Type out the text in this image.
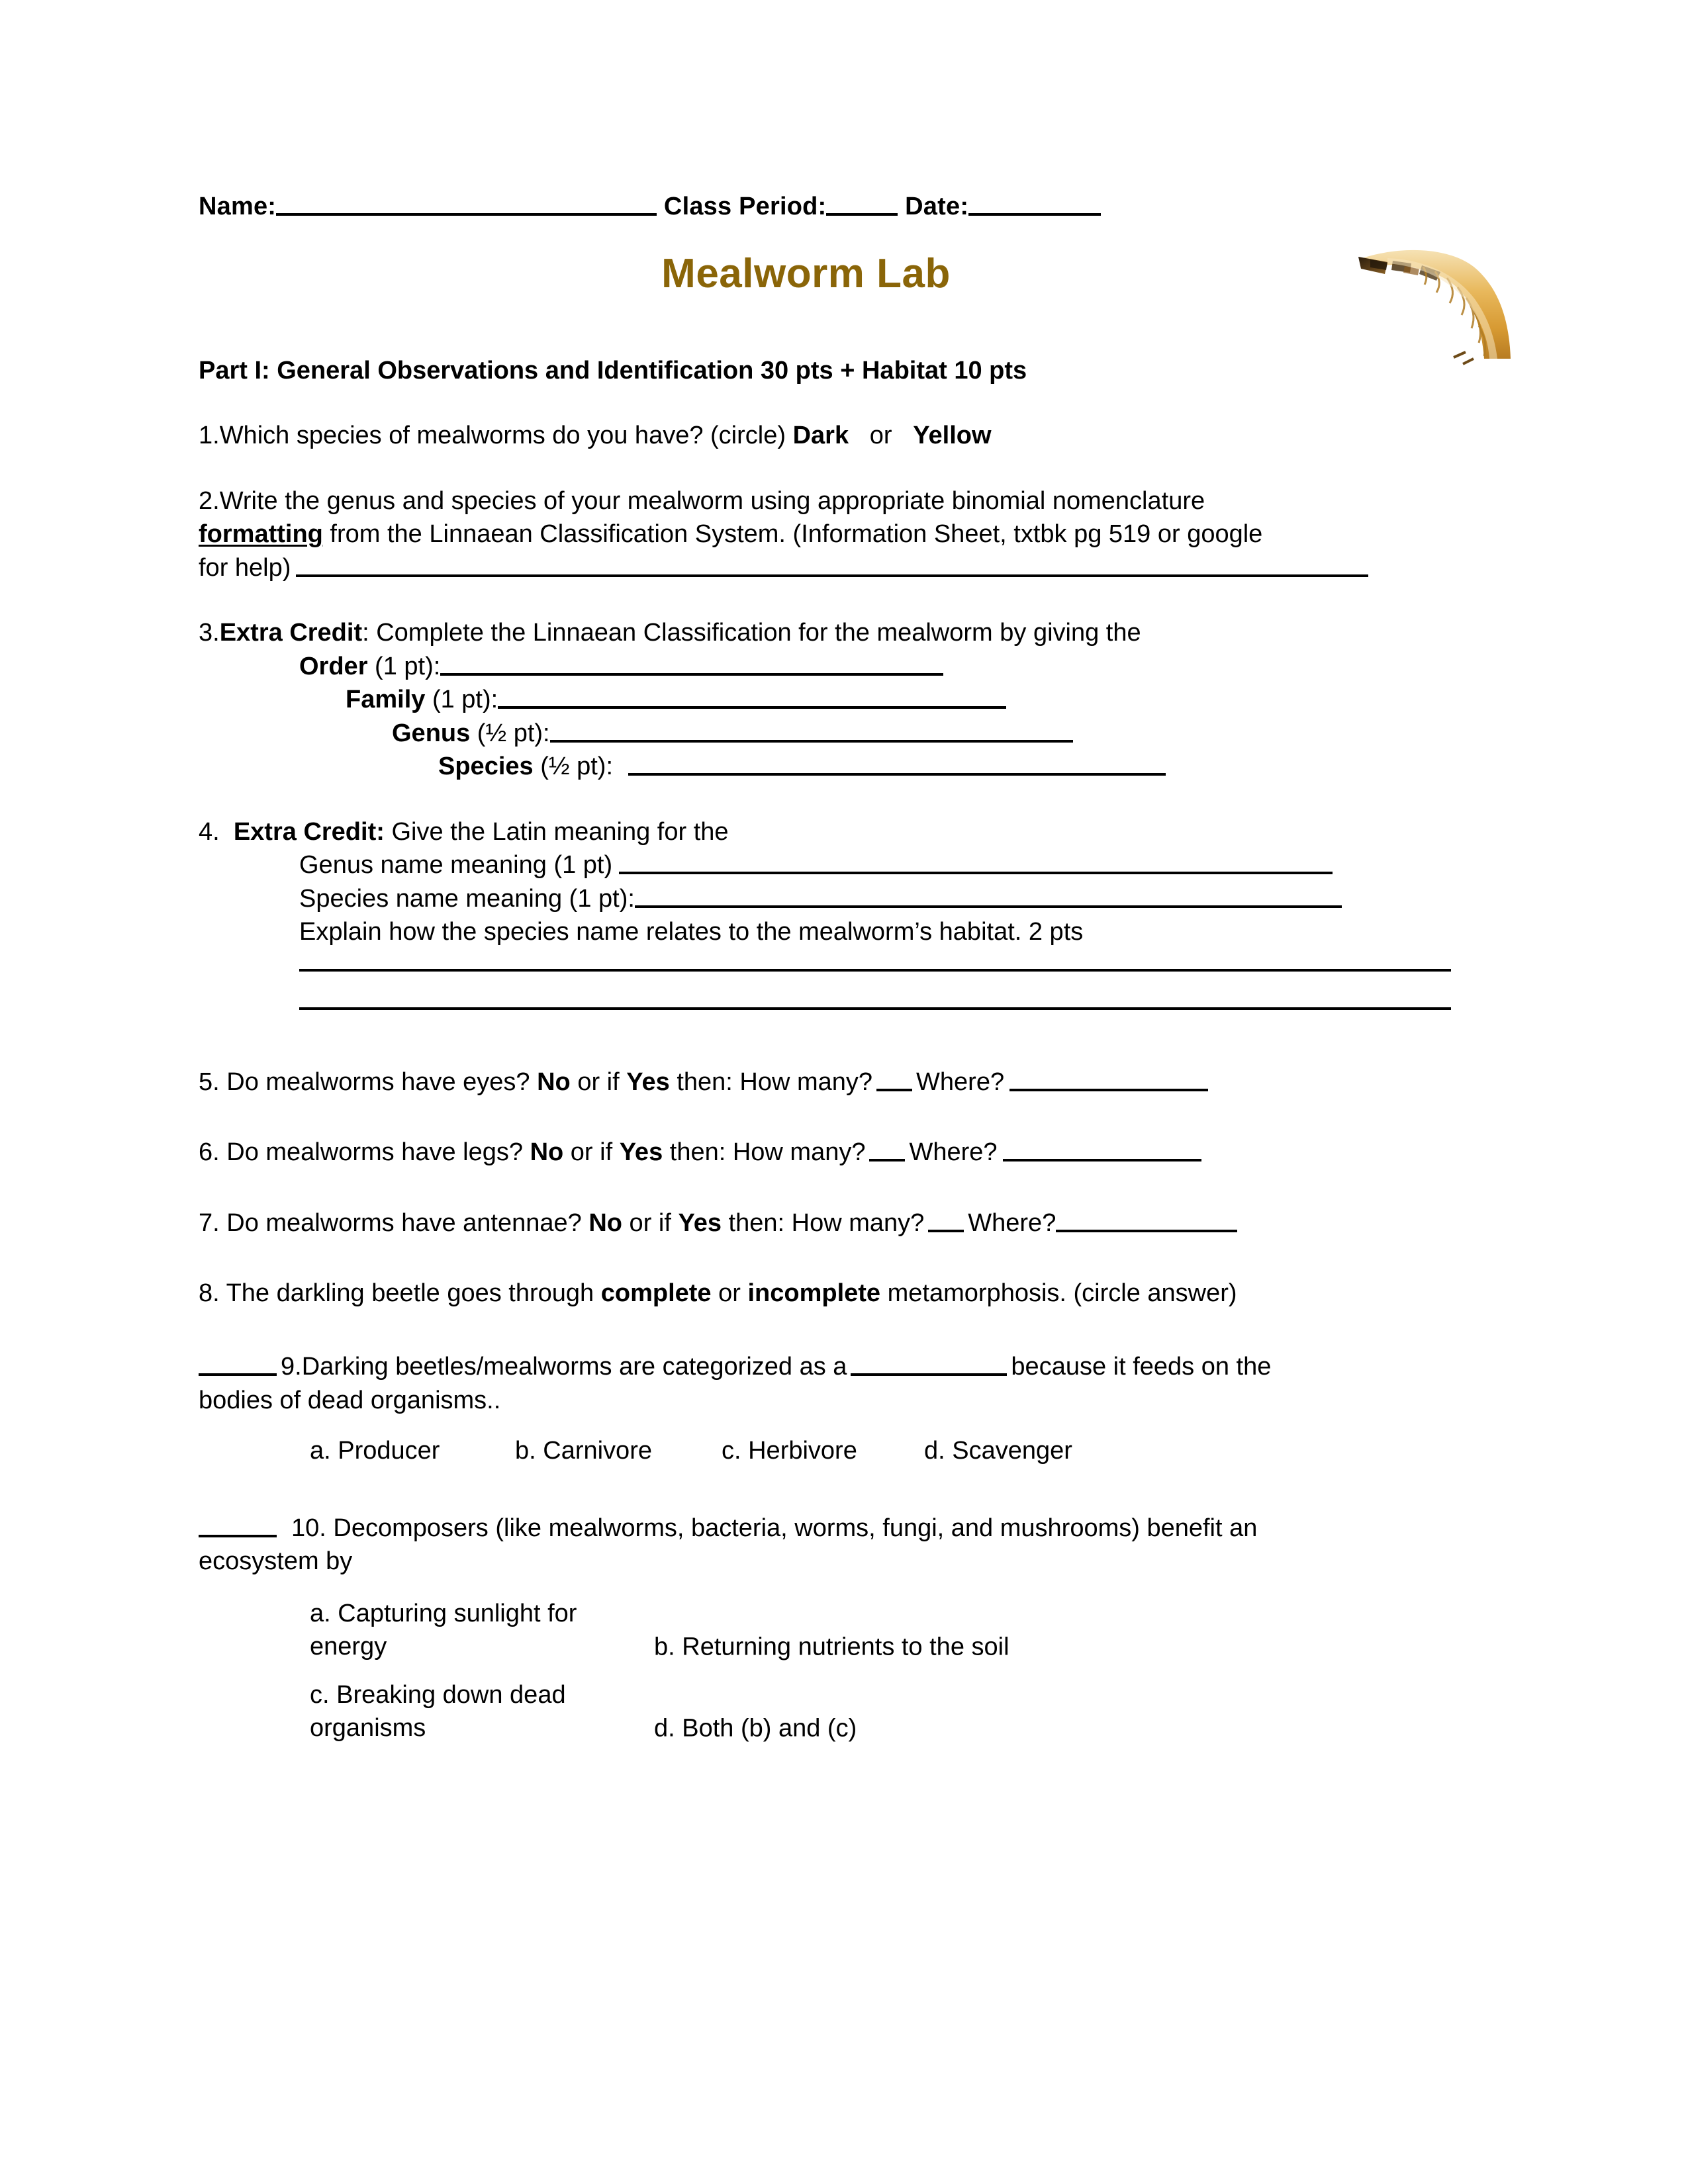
Name:	Class Period:	Date:
Mealworm Lab
Part I: General Observations and Identification 30 pts + Habitat 10 pts
1.Which species of mealworms do you have? (circle) Dark or Yellow
2.Write the genus and species of your mealworm using appropriate binomial nomenclature
formatting from the Linnaean Classification System. (Information Sheet, txtbk pg 519 or google
for help)
3.Extra Credit: Complete the Linnaean Classification for the mealworm by giving the
Order (1 pt):
Family (1 pt):
Genus (½ pt):
Species (½ pt):
4. Extra Credit: Give the Latin meaning for the
Genus name meaning (1 pt)
Species name meaning (1 pt):
Explain how the species name relates to the mealworm’s habitat. 2 pts
5. Do mealworms have eyes? No or if Yes then: How many? Where?
6. Do mealworms have legs? No or if Yes then: How many? Where?
7. Do mealworms have antennae? No or if Yes then: How many? Where?
8. The darkling beetle goes through complete or incomplete metamorphosis. (circle answer)
9.Darking beetles/mealworms are categorized as a	because it feeds on the
bodies of dead organisms..
a. Producer	b. Carnivore	c. Herbivore	d. Scavenger
10. Decomposers (like mealworms, bacteria, worms, fungi, and mushrooms) benefit an
ecosystem by
a. Capturing sunlight for energy	b. Returning nutrients to the soil
c. Breaking down dead organisms	d. Both (b) and (c)
